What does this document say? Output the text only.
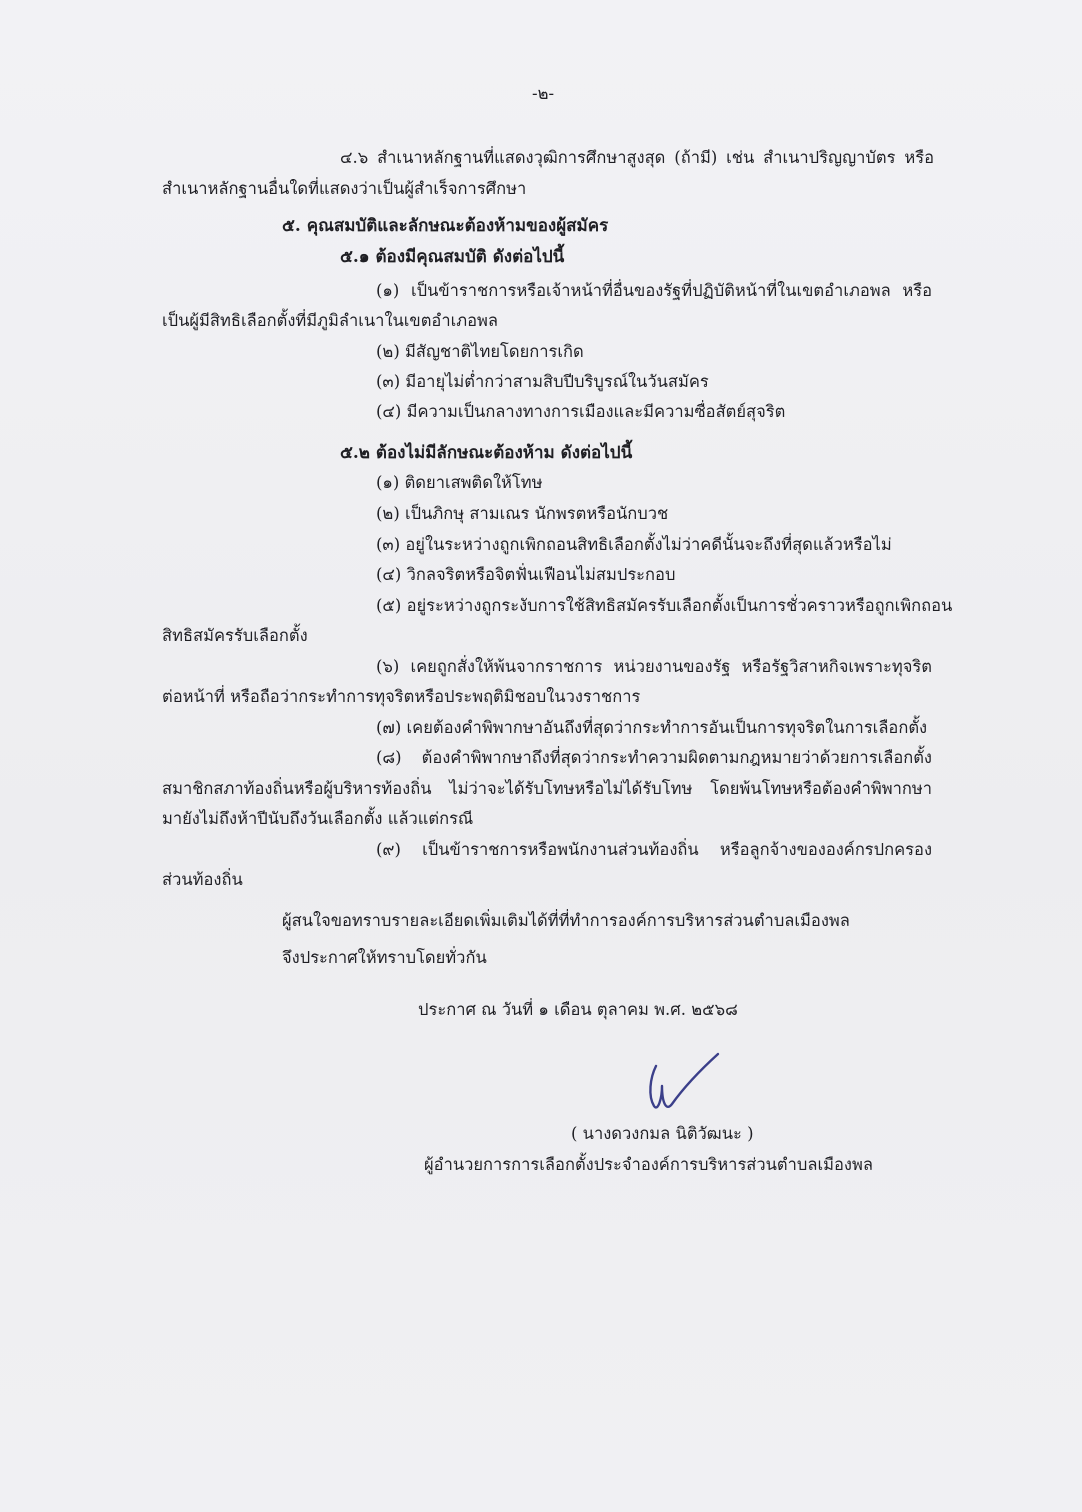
-๒-
๔.๖ สำเนาหลักฐานที่แสดงวุฒิการศึกษาสูงสุด (ถ้ามี) เช่น สำเนาปริญญาบัตร หรือ
สำเนาหลักฐานอื่นใดที่แสดงว่าเป็นผู้สำเร็จการศึกษา
๕. คุณสมบัติและลักษณะต้องห้ามของผู้สมัคร
๕.๑ ต้องมีคุณสมบัติ ดังต่อไปนี้
(๑) เป็นข้าราชการหรือเจ้าหน้าที่อื่นของรัฐที่ปฏิบัติหน้าที่ในเขตอำเภอพล หรือ
เป็นผู้มีสิทธิเลือกตั้งที่มีภูมิลำเนาในเขตอำเภอพล
(๒) มีสัญชาติไทยโดยการเกิด
(๓) มีอายุไม่ต่ำกว่าสามสิบปีบริบูรณ์ในวันสมัคร
(๔) มีความเป็นกลางทางการเมืองและมีความซื่อสัตย์สุจริต
๕.๒ ต้องไม่มีลักษณะต้องห้าม ดังต่อไปนี้
(๑) ติดยาเสพติดให้โทษ
(๒) เป็นภิกษุ สามเณร นักพรตหรือนักบวช
(๓) อยู่ในระหว่างถูกเพิกถอนสิทธิเลือกตั้งไม่ว่าคดีนั้นจะถึงที่สุดแล้วหรือไม่
(๔) วิกลจริตหรือจิตฟั่นเฟือนไม่สมประกอบ
(๕) อยู่ระหว่างถูกระงับการใช้สิทธิสมัครรับเลือกตั้งเป็นการชั่วคราวหรือถูกเพิกถอน
สิทธิสมัครรับเลือกตั้ง
(๖) เคยถูกสั่งให้พ้นจากราชการ หน่วยงานของรัฐ หรือรัฐวิสาหกิจเพราะทุจริต
ต่อหน้าที่ หรือถือว่ากระทำการทุจริตหรือประพฤติมิชอบในวงราชการ
(๗) เคยต้องคำพิพากษาอันถึงที่สุดว่ากระทำการอันเป็นการทุจริตในการเลือกตั้ง
(๘) ต้องคำพิพากษาถึงที่สุดว่ากระทำความผิดตามกฎหมายว่าด้วยการเลือกตั้ง
สมาชิกสภาท้องถิ่นหรือผู้บริหารท้องถิ่น ไม่ว่าจะได้รับโทษหรือไม่ได้รับโทษ โดยพ้นโทษหรือต้องคำพิพากษา
มายังไม่ถึงห้าปีนับถึงวันเลือกตั้ง แล้วแต่กรณี
(๙) เป็นข้าราชการหรือพนักงานส่วนท้องถิ่น หรือลูกจ้างขององค์กรปกครอง
ส่วนท้องถิ่น
ผู้สนใจขอทราบรายละเอียดเพิ่มเติมได้ที่ที่ทำการองค์การบริหารส่วนตำบลเมืองพล
จึงประกาศให้ทราบโดยทั่วกัน
ประกาศ ณ วันที่ ๑ เดือน ตุลาคม พ.ศ. ๒๕๖๘
( นางดวงกมล นิติวัฒนะ )
ผู้อำนวยการการเลือกตั้งประจำองค์การบริหารส่วนตำบลเมืองพล
